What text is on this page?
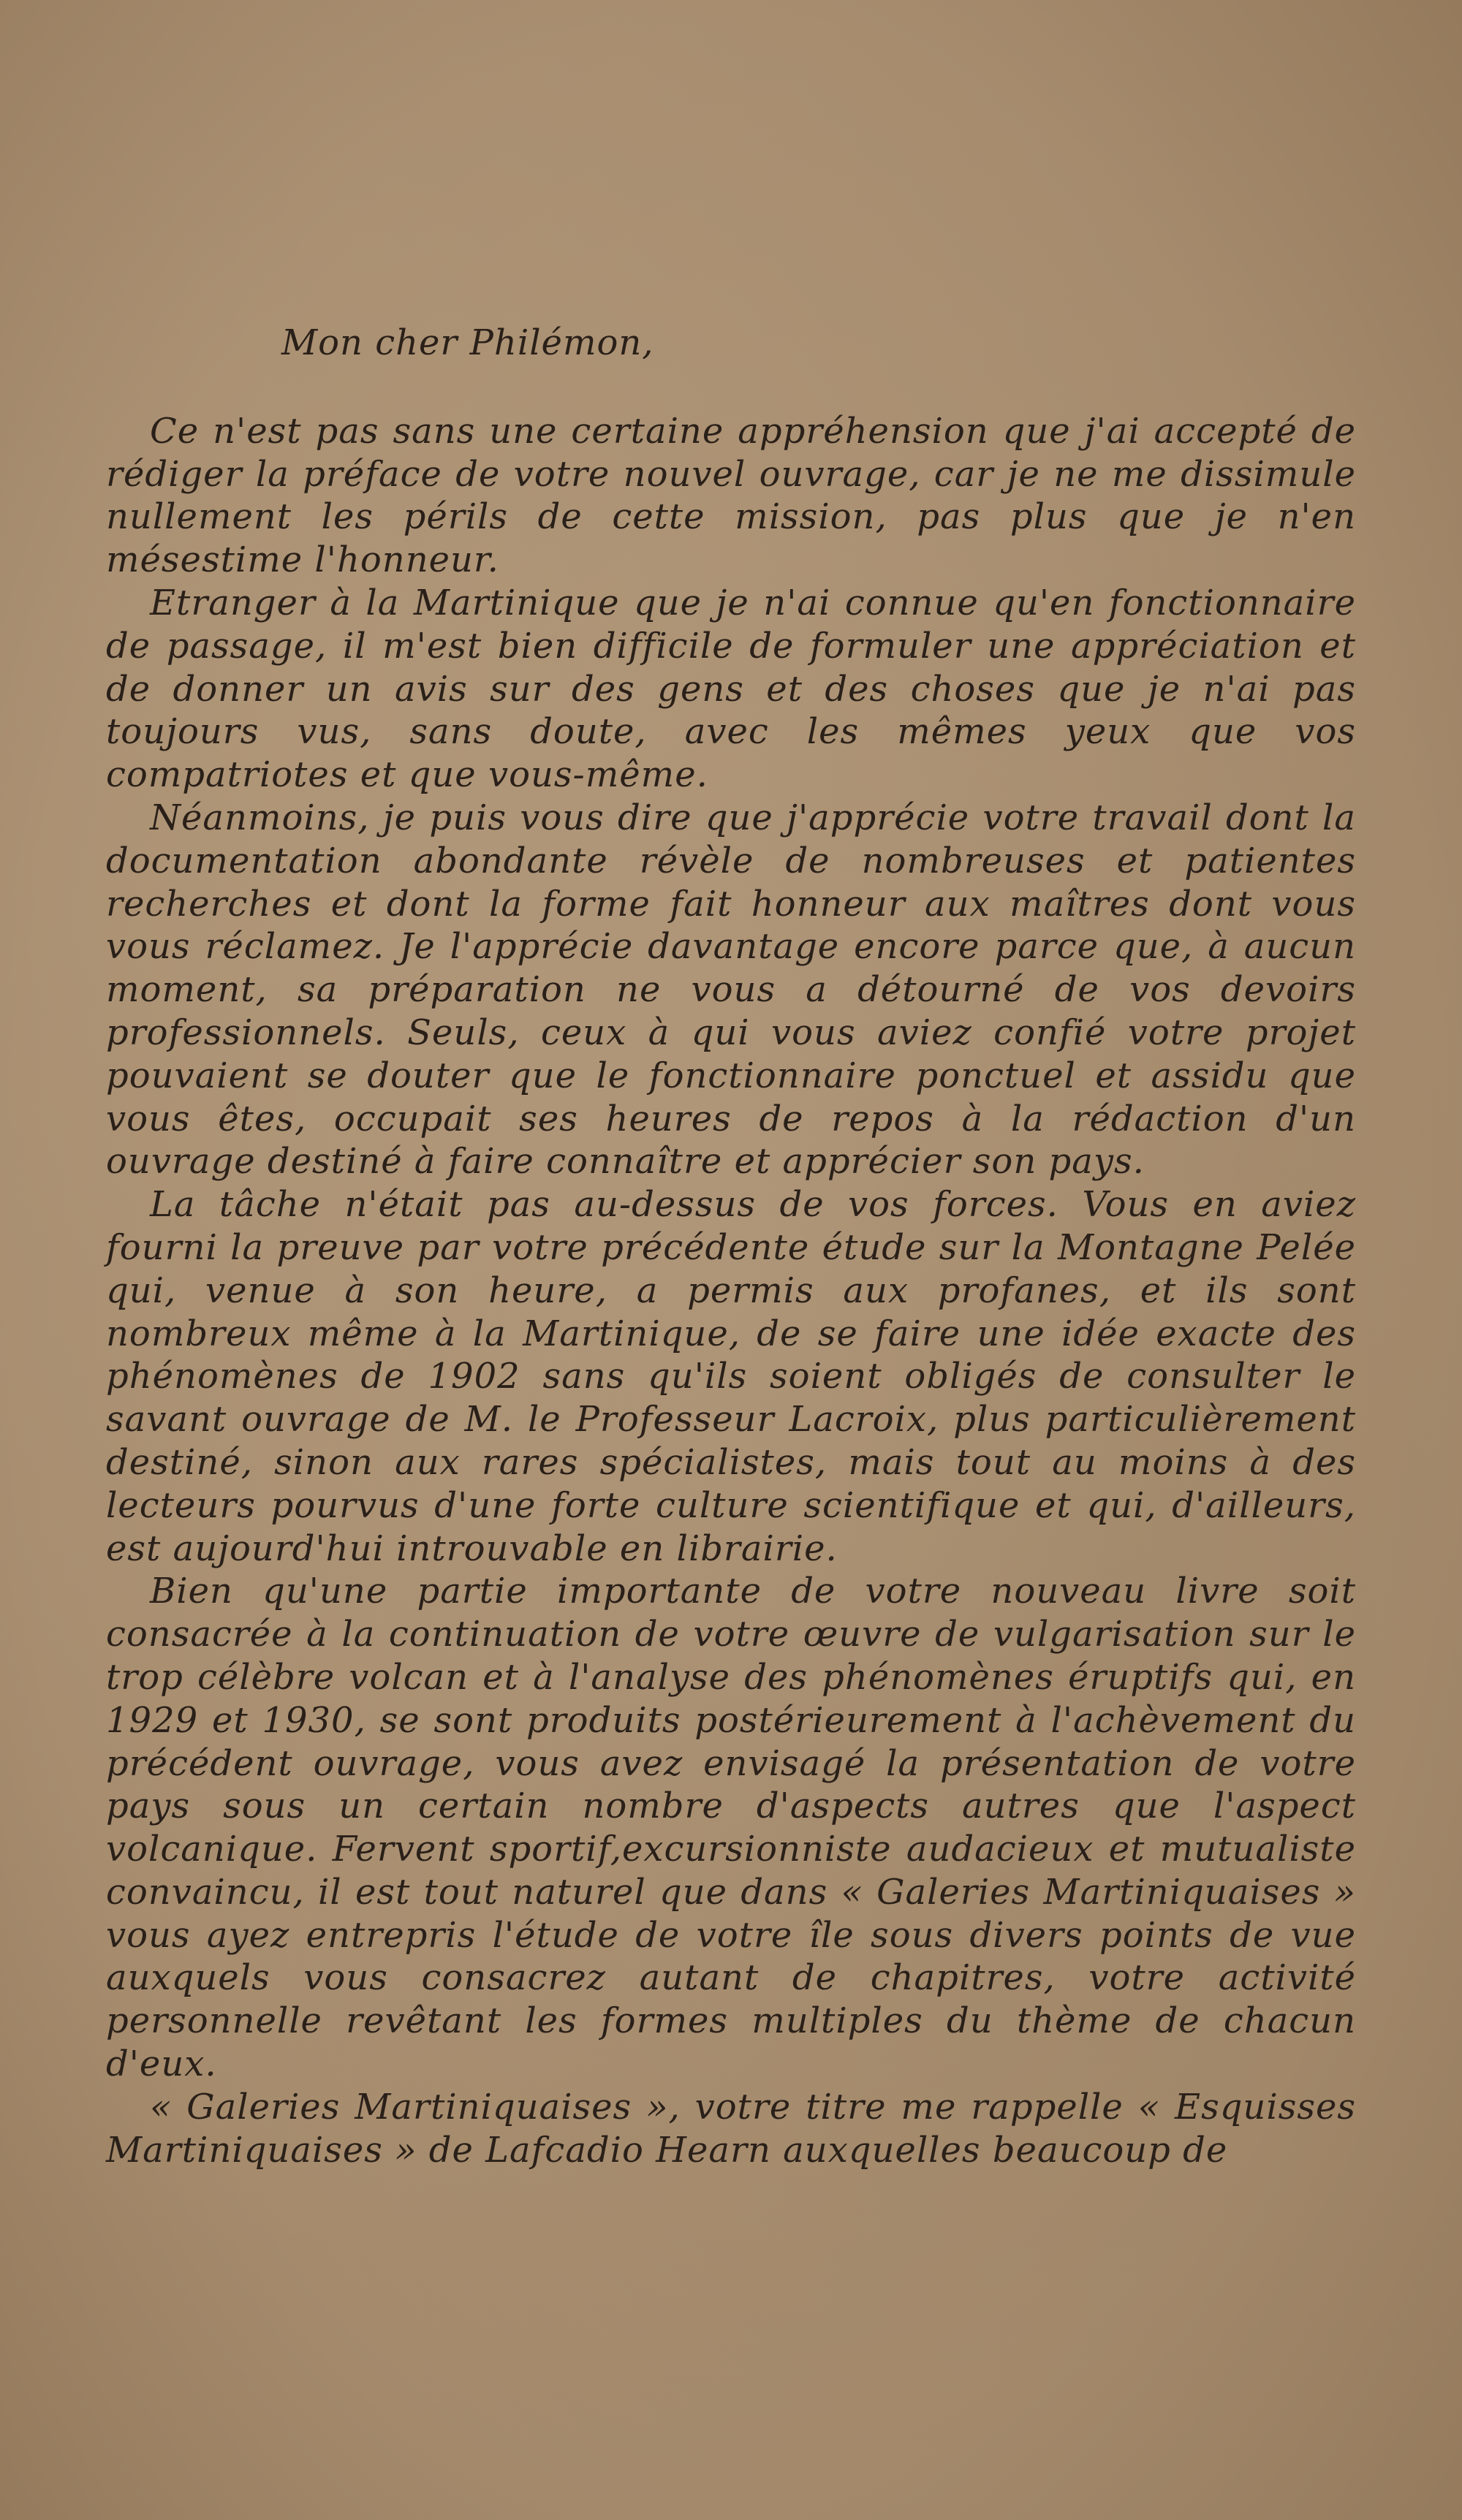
Mon cher Philémon,

Ce n'est pas sans une certaine appréhension que j'ai accepté de rédiger la préface de votre nouvel ouvrage, car je ne me dissimule nullement les périls de cette mission, pas plus que je n'en mésestime l'honneur.

Etranger à la Martinique que je n'ai connue qu'en fonctionnaire de passage, il m'est bien difficile de formuler une appréciation et de donner un avis sur des gens et des choses que je n'ai pas toujours vus, sans doute, avec les mêmes yeux que vos compatriotes et que vous-même.

Néanmoins, je puis vous dire que j'apprécie votre travail dont la documentation abondante révèle de nombreuses et patientes recherches et dont la forme fait honneur aux maîtres dont vous vous réclamez. Je l'apprécie davantage encore parce que, à aucun moment, sa préparation ne vous a détourné de vos devoirs professionnels. Seuls, ceux à qui vous aviez confié votre projet pouvaient se douter que le fonctionnaire ponctuel et assidu que vous êtes, occupait ses heures de repos à la rédaction d'un ouvrage destiné à faire connaître et apprécier son pays.

La tâche n'était pas au-dessus de vos forces. Vous en aviez fourni la preuve par votre précédente étude sur la Montagne Pelée qui, venue à son heure, a permis aux profanes, et ils sont nombreux même à la Martinique, de se faire une idée exacte des phénomènes de 1902 sans qu'ils soient obligés de consulter le savant ouvrage de M. le Professeur Lacroix, plus particulièrement destiné, sinon aux rares spécialistes, mais tout au moins à des lecteurs pourvus d'une forte culture scientifique et qui, d'ailleurs, est aujourd'hui introuvable en librairie.

Bien qu'une partie importante de votre nouveau livre soit consacrée à la continuation de votre œuvre de vulgarisation sur le trop célèbre volcan et à l'analyse des phénomènes éruptifs qui, en 1929 et 1930, se sont produits postérieurement à l'achèvement du précédent ouvrage, vous avez envisagé la présentation de votre pays sous un certain nombre d'aspects autres que l'aspect volcanique. Fervent sportif,excursionniste audacieux et mutualiste convaincu, il est tout naturel que dans « Galeries Martiniquaises » vous ayez entrepris l'étude de votre île sous divers points de vue auxquels vous consacrez autant de chapitres, votre activité personnelle revêtant les formes multiples du thème de chacun d'eux.

« Galeries Martiniquaises », votre titre me rappelle « Esquisses Martiniquaises » de Lafcadio Hearn auxquelles beaucoup de
